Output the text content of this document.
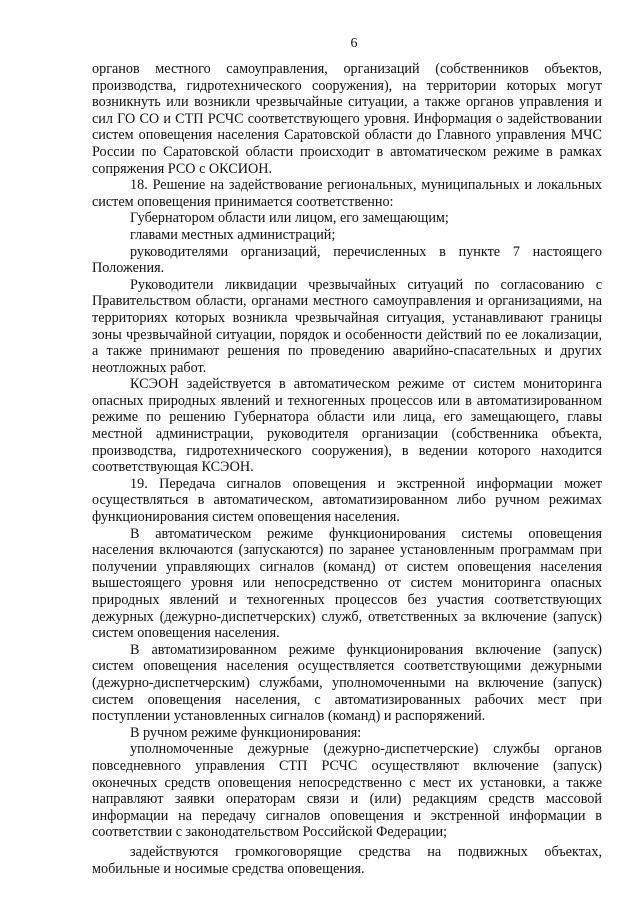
6

органов местного самоуправления, организаций (собственников объектов, производства, гидротехнического сооружения), на территории которых могут возникнуть или возникли чрезвычайные ситуации, а также органов управления и сил ГО СО и СТП РСЧС соответствующего уровня. Информация о задействовании систем оповещения населения Саратовской области до Главного управления МЧС России по Саратовской области происходит в автоматическом режиме в рамках сопряжения РСО с ОКСИОН.

18. Решение на задействование региональных, муниципальных и локальных систем оповещения принимается соответственно:

Губернатором области или лицом, его замещающим;

главами местных администраций;

руководителями организаций, перечисленных в пункте 7 настоящего Положения.

Руководители ликвидации чрезвычайных ситуаций по согласованию с Правительством области, органами местного самоуправления и организациями, на территориях которых возникла чрезвычайная ситуация, устанавливают границы зоны чрезвычайной ситуации, порядок и особенности действий по ее локализации, а также принимают решения по проведению аварийно-спасательных и других неотложных работ.

КСЭОН задействуется в автоматическом режиме от систем мониторинга опасных природных явлений и техногенных процессов или в автоматизированном режиме по решению Губернатора области или лица, его замещающего, главы местной администрации, руководителя организации (собственника объекта, производства, гидротехнического сооружения), в ведении которого находится соответствующая КСЭОН.

19. Передача сигналов оповещения и экстренной информации может осуществляться в автоматическом, автоматизированном либо ручном режимах функционирования систем оповещения населения.

В автоматическом режиме функционирования системы оповещения населения включаются (запускаются) по заранее установленным программам при получении управляющих сигналов (команд) от систем оповещения населения вышестоящего уровня или непосредственно от систем мониторинга опасных природных явлений и техногенных процессов без участия соответствующих дежурных (дежурно-диспетчерских) служб, ответственных за включение (запуск) систем оповещения населения.

В автоматизированном режиме функционирования включение (запуск) систем оповещения населения осуществляется соответствующими дежурными (дежурно-диспетчерским) службами, уполномоченными на включение (запуск) систем оповещения населения, с автоматизированных рабочих мест при поступлении установленных сигналов (команд) и распоряжений.

В ручном режиме функционирования:

уполномоченные дежурные (дежурно-диспетчерские) службы органов повседневного управления СТП РСЧС осуществляют включение (запуск) оконечных средств оповещения непосредственно с мест их установки, а также направляют заявки операторам связи и (или) редакциям средств массовой информации на передачу сигналов оповещения и экстренной информации в соответствии с законодательством Российской Федерации;

задействуются громкоговорящие средства на подвижных объектах, мобильные и носимые средства оповещения.
